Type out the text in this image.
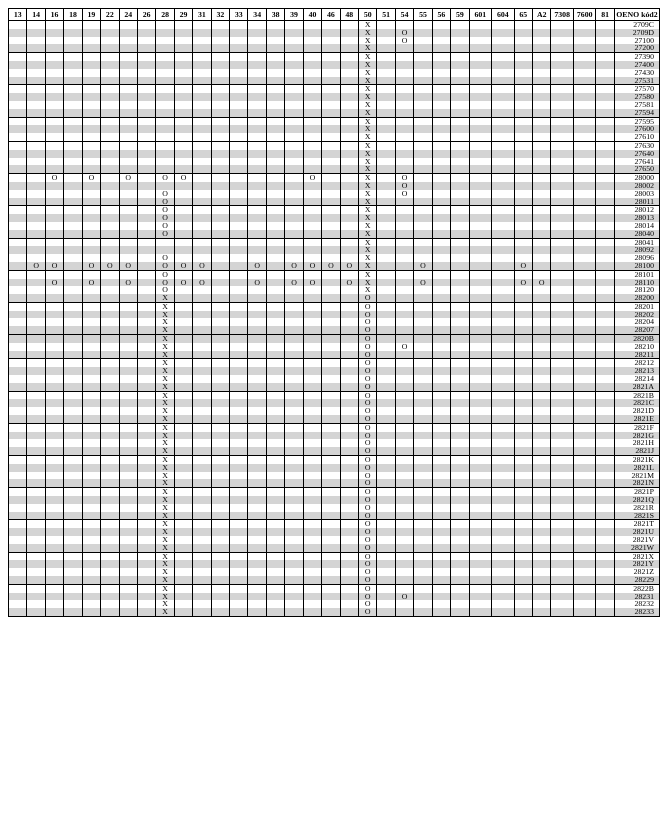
13	14	16	18	19	22	24	26	28	29	31	32	33	34	38	39	40	46	48	50	51	54	55	56	59	601	604	65	A2	7308	7600	81	OENO kód2
																			X													2709C
																			X		O											2709D
																			X		O											27100
																			X													27200
																			X													27390
																			X													27400
																			X													27430
																			X													27531
																			X													27570
																			X													27580
																			X													27581
																			X													27594
																			X													27595
																			X													27600
																			X													27610

																			X													27630
																			X													27640
																			X													27641
																			X													27650
		O		O		O		O	O							O			X		O											28000
																			X		O											28002
								O											X		O											28003
								O											X													28011
								O											X													28012
								O											X													28013
								O											X													28014
								O											X													28040
																			X													28041
																			X													28092
								O											X													28096
	O	O		O	O	O		O	O	O			O		O	O	O	O	X			O					O					28100
								O											X													28101
		O		O		O		O	O	O			O		O	O		O	X			O					O	O				28110
								O											X													28120
								X											O													28200
								X											O													28201
								X											O													28202
								X											O													28204
								X											O													28207

								X											O													2820B
								X											O		O											28210
								X											O													28211
								X											O													28212
								X											O													28213
								X											O													28214
								X											O													2821A
								X											O													2821B
								X											O													2821C
								X											O													2821D
								X											O													2821E
								X											O													2821F
								X											O													2821G
								X											O													2821H
								X											O													2821J
								X											O													2821K
								X											O													2821L
								X											O													2821M
								X											O													2821N
								X											O													2821P
								X											O													2821Q
								X											O													2821R
								X											O													2821S
								X											O													2821T
								X											O													2821U
								X											O													2821V
								X											O													2821W
								X											O													2821X
								X											O													2821Y
								X											O													2821Z
								X											O													28229
								X											O													2822B
								X											O		O											28231
								X											O													28232
								X											O													28233
